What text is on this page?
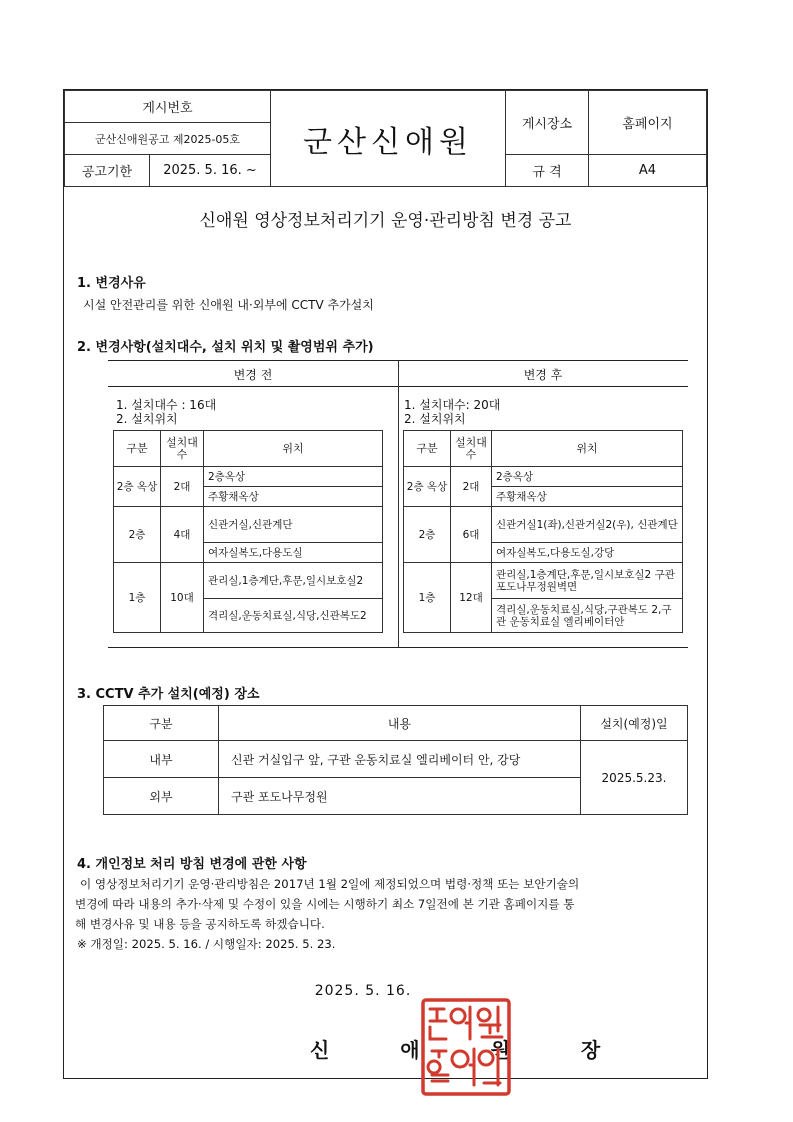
게시번호		군산신애원	게시장소	홈페이지
군산신애원공고 제2025-05호				
공고기한	2025. 5. 16. ~		규 격	A4
신애원 영상정보처리기기 운영·관리방침 변경 공고
1. 변경사유
시설 안전관리를 위한 신애원 내·외부에 CCTV 추가설치
2. 변경사항(설치대수, 설치 위치 및 촬영범위 추가)
변경 전	변경 후
1. 설치대수 : 16대
2. 설치위치
1. 설치대수: 20대
2. 설치위치
구분	설치대수	위치
2층 옥상	2대	2층옥상
		주황채옥상
2층	4대	신관거실,신관계단
		여자실복도,다용도실
1층	10대	관리실,1층계단,후문,일시보호실2
		격리실,운동치료실,식당,신관복도2
구분	설치대수	위치
2층 옥상	2대	2층옥상
		주황채옥상
2층	6대	신관거실1(좌),신관거실2(우), 신관계단
		여자실복도,다용도실,강당
1층	12대	관리실,1층계단,후문,일시보호실2 구관 포도나무정원벽면
		격리실,운동치료실,식당,구관복도 2,구관 운동치료실 엘리베이터안
3. CCTV 추가 설치(예정) 장소
구분	내용	설치(예정)일
내부	신관 거실입구 앞, 구관 운동치료실 엘리베이터 안, 강당	2025.5.23.
외부	구관 포도나무정원	
4. 개인정보 처리 방침 변경에 관한 사항
이 영상정보처리기기 운영·관리방침은 2017년 1월 2일에 제정되었으며 법령·정책 또는 보안기술의
변경에 따라 내용의 추가·삭제 및 수정이 있을 시에는 시행하기 최소 7일전에 본 기관 홈페이지를 통
해 변경사유 및 내용 등을 공지하도록 하겠습니다.
※ 개정일: 2025. 5. 16. / 시행일자: 2025. 5. 23.
2025. 5. 16.
신 애 원 장
